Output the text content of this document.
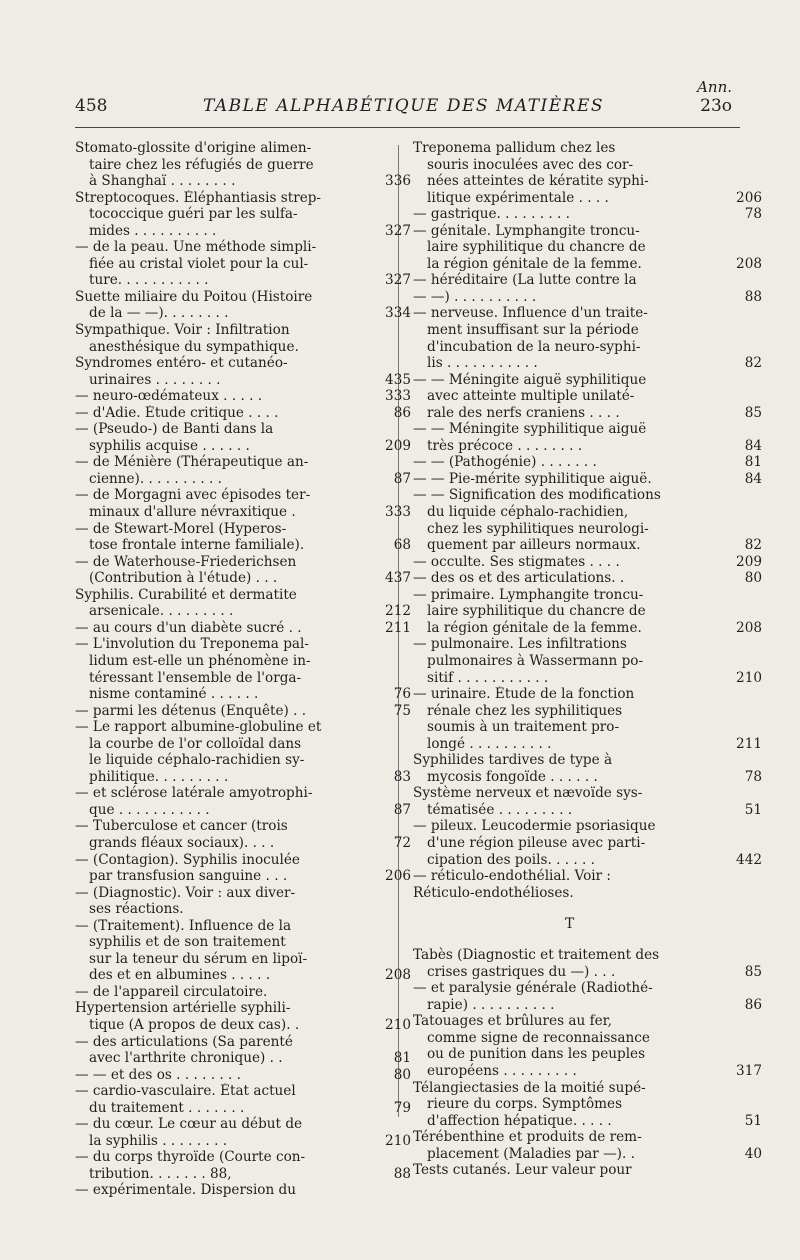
Ann.
458	TABLE ALPHABÉTIQUE DES MATIÈRES	23o
Stomato-glossite d'origine alimen-
taire chez les réfugiés de guerre
à Shanghaï . . . . . . . .	336
Streptocoques. Éléphantiasis strep-
tococcique guéri par les sulfa-
mides . . . . . . . . . .	327
— de la peau. Une méthode simpli-
fiée au cristal violet pour la cul-
ture. . . . . . . . . . .	327
Suette miliaire du Poitou (Histoire
de la — —). . . . . . . .	334
Sympathique. Voir : Infiltration
anesthésique du sympathique.
Syndromes entéro- et cutanéo-
urinaires . . . . . . . .	435
— neuro-œdémateux . . . . .	333
— d'Adie. Étude critique . . . .	86
— (Pseudo-) de Banti dans la
syphilis acquise . . . . . .	209
— de Ménière (Thérapeutique an-
cienne). . . . . . . . . .	87
— de Morgagni avec épisodes ter-
minaux d'allure névraxitique .	333
— de Stewart-Morel (Hyperos-
tose frontale interne familiale).	68
— de Waterhouse-Friederichsen
(Contribution à l'étude) . . .	437
Syphilis. Curabilité et dermatite
arsenicale. . . . . . . . .	212
— au cours d'un diabète sucré . .	211
— L'involution du Treponema pal-
lidum est-elle un phénomène in-
téressant l'ensemble de l'orga-
nisme contaminé . . . . . .	76
— parmi les détenus (Enquête) . .	75
— Le rapport albumine-globuline et
la courbe de l'or colloïdal dans
le liquide céphalo-rachidien sy-
philitique. . . . . . . . .	83
— et sclérose latérale amyotrophi-
que . . . . . . . . . . .	87
— Tuberculose et cancer (trois
grands fléaux sociaux). . . .	72
— (Contagion). Syphilis inoculée
par transfusion sanguine . . .	206
— (Diagnostic). Voir : aux diver-
ses réactions.
— (Traitement). Influence de la
syphilis et de son traitement
sur la teneur du sérum en lipoï-
des et en albumines . . . . .	208
— de l'appareil circulatoire.
Hypertension artérielle syphili-
tique (A propos de deux cas). .	210
— des articulations (Sa parenté
avec l'arthrite chronique) . .	81
— — et des os . . . . . . . .	80
— cardio-vasculaire. État actuel
du traitement . . . . . . .	79
— du cœur. Le cœur au début de
la syphilis . . . . . . . .	210
— du corps thyroïde (Courte con-
tribution. . . . . . . 88,	88
— expérimentale. Dispersion du
Treponema pallidum chez les
souris inoculées avec des cor-
nées atteintes de kératite syphi-
litique expérimentale . . . .	206
— gastrique. . . . . . . . .	78
— génitale. Lymphangite troncu-
laire syphilitique du chancre de
la région génitale de la femme.	208
— héréditaire (La lutte contre la
— —) . . . . . . . . . .	88
— nerveuse. Influence d'un traite-
ment insuffisant sur la période
d'incubation de la neuro-syphi-
lis . . . . . . . . . . .	82
— — Méningite aiguë syphilitique
avec atteinte multiple unilaté-
rale des nerfs craniens . . . .	85
— — Méningite syphilitique aiguë
très précoce . . . . . . . .	84
— — (Pathogénie) . . . . . . .	81
— — Pie-mérite syphilitique aiguë.	84
— — Signification des modifications
du liquide céphalo-rachidien,
chez les syphilitiques neurologi-
quement par ailleurs normaux.	82
— occulte. Ses stigmates . . . .	209
— des os et des articulations. .	80
— primaire. Lymphangite troncu-
laire syphilitique du chancre de
la région génitale de la femme.	208
— pulmonaire. Les infiltrations
pulmonaires à Wassermann po-
sitif . . . . . . . . . . .	210
— urinaire. Étude de la fonction
rénale chez les syphilitiques
soumis à un traitement pro-
longé . . . . . . . . . .	211
Syphilides tardives de type à
mycosis fongoïde . . . . . .	78
Système nerveux et nævoïde sys-
tématisée . . . . . . . . .	51
— pileux. Leucodermie psoriasique
d'une région pileuse avec parti-
cipation des poils. . . . . .	442
— réticulo-endothélial. Voir :
Réticulo-endothélioses.
T
Tabès (Diagnostic et traitement des
crises gastriques du —) . . .	85
— et paralysie générale (Radiothé-
rapie) . . . . . . . . . .	86
Tatouages et brûlures au fer,
comme signe de reconnaissance
ou de punition dans les peuples
européens . . . . . . . . .	317
Télangiectasies de la moitié supé-
rieure du corps. Symptômes
d'affection hépatique. . . . .	51
Térébenthine et produits de rem-
placement (Maladies par —). .	40
Tests cutanés. Leur valeur pour
